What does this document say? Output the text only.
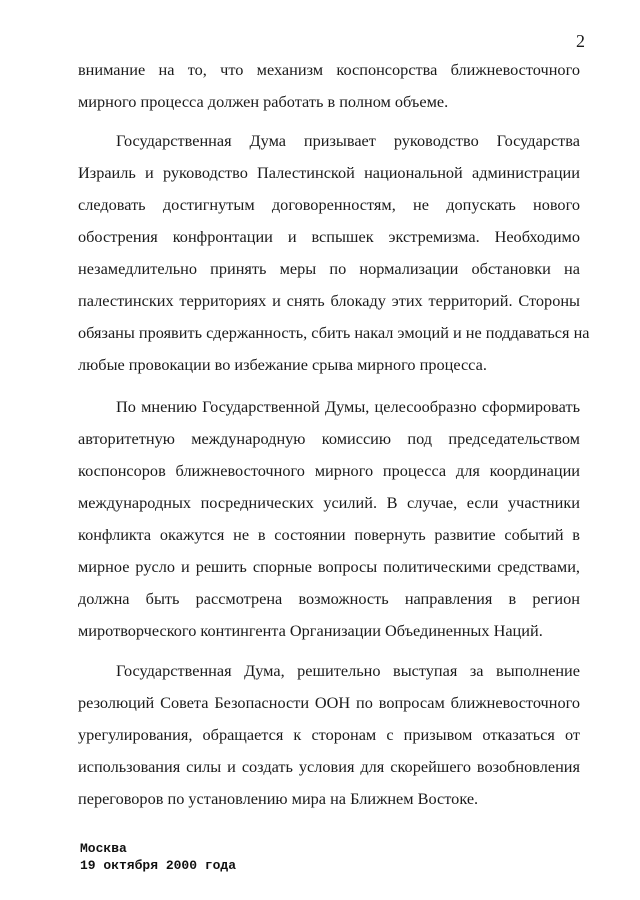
2
внимание на то, что механизм коспонсорства ближневосточного
мирного процесса должен работать в полном объеме.
Государственная Дума призывает руководство Государства
Израиль и руководство Палестинской национальной администрации
следовать достигнутым договоренностям, не допускать нового
обострения конфронтации и вспышек экстремизма. Необходимо
незамедлительно принять меры по нормализации обстановки на
палестинских территориях и снять блокаду этих территорий. Стороны
обязаны проявить сдержанность, сбить накал эмоций и не поддаваться на
любые провокации во избежание срыва мирного процесса.
По мнению Государственной Думы, целесообразно сформировать
авторитетную международную комиссию под председательством
коспонсоров ближневосточного мирного процесса для координации
международных посреднических усилий. В случае, если участники
конфликта окажутся не в состоянии повернуть развитие событий в
мирное русло и решить спорные вопросы политическими средствами,
должна быть рассмотрена возможность направления в регион
миротворческого контингента Организации Объединенных Наций.
Государственная Дума, решительно выступая за выполнение
резолюций Совета Безопасности ООН по вопросам ближневосточного
урегулирования, обращается к сторонам с призывом отказаться от
использования силы и создать условия для скорейшего возобновления
переговоров по установлению мира на Ближнем Востоке.
Москва
19 октября 2000 года
